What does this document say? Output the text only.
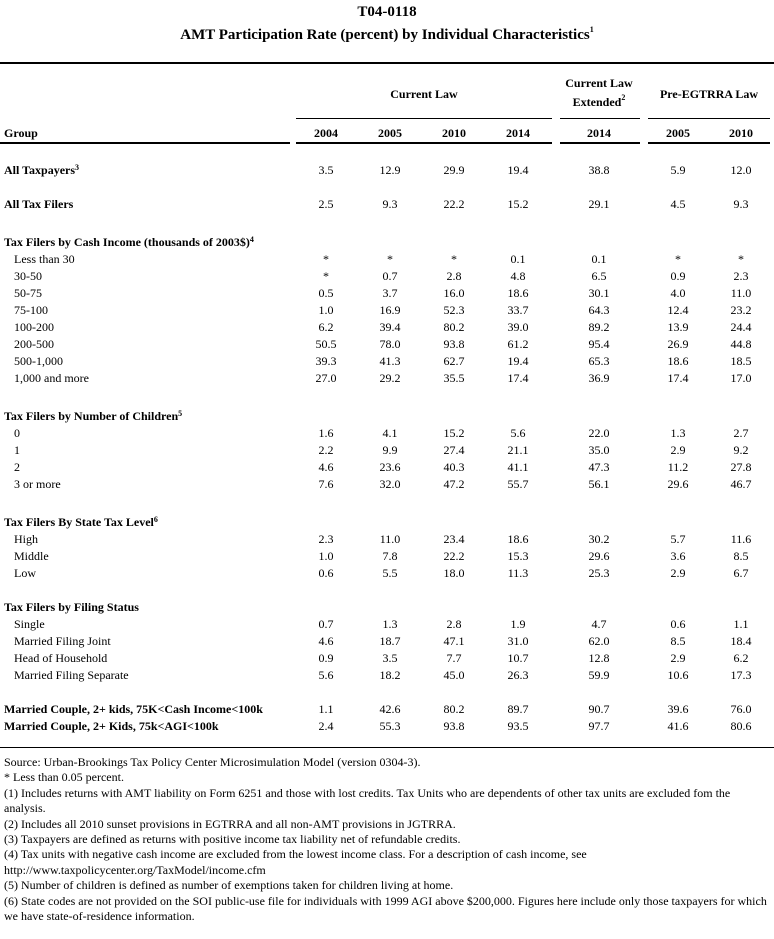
T04-0118
AMT Participation Rate (percent) by Individual Characteristics$^1$
Current Law
Current Law
Extended$^2$	Pre-EGTRRA Law
Group	2004	2005	2010	2014	2014	2005	2010
All Taxpayers$^3$	3.5	12.9	29.9	19.4	38.8	5.9	12.0
All Tax Filers	2.5	9.3	22.2	15.2	29.1	4.5	9.3
Tax Filers by Cash Income (thousands of 2003$)$^4$
Less than 30	*	*	*	0.1	0.1	*	*
30-50	*	0.7	2.8	4.8	6.5	0.9	2.3
50-75	0.5	3.7	16.0	18.6	30.1	4.0	11.0
75-100	1.0	16.9	52.3	33.7	64.3	12.4	23.2
100-200	6.2	39.4	80.2	39.0	89.2	13.9	24.4
200-500	50.5	78.0	93.8	61.2	95.4	26.9	44.8
500-1,000	39.3	41.3	62.7	19.4	65.3	18.6	18.5
1,000 and more	27.0	29.2	35.5	17.4	36.9	17.4	17.0
Tax Filers by Number of Children$^5$
0	1.6	4.1	15.2	5.6	22.0	1.3	2.7
1	2.2	9.9	27.4	21.1	35.0	2.9	9.2
2	4.6	23.6	40.3	41.1	47.3	11.2	27.8
3 or more	7.6	32.0	47.2	55.7	56.1	29.6	46.7
Tax Filers By State Tax Level$^6$
High	2.3	11.0	23.4	18.6	30.2	5.7	11.6
Middle	1.0	7.8	22.2	15.3	29.6	3.6	8.5
Low	0.6	5.5	18.0	11.3	25.3	2.9	6.7
Tax Filers by Filing Status
Single	0.7	1.3	2.8	1.9	4.7	0.6	1.1
Married Filing Joint	4.6	18.7	47.1	31.0	62.0	8.5	18.4
Head of Household	0.9	3.5	7.7	10.7	12.8	2.9	6.2
Married Filing Separate	5.6	18.2	45.0	26.3	59.9	10.6	17.3
Married Couple, 2+ kids, 75K<Cash Income<100k	1.1	42.6	80.2	89.7	90.7	39.6	76.0
Married Couple, 2+ Kids, 75k<AGI<100k	2.4	55.3	93.8	93.5	97.7	41.6	80.6
Source: Urban-Brookings Tax Policy Center Microsimulation Model (version 0304-3).
* Less than 0.05 percent.
(1) Includes returns with AMT liability on Form 6251 and those with lost credits. Tax Units who are dependents of other tax units are excluded fom the analysis.
(2) Includes all 2010 sunset provisions in EGTRRA and all non-AMT provisions in JGTRRA.
(3) Taxpayers are defined as returns with positive income tax liability net of refundable credits.
(4) Tax units with negative cash income are excluded from the lowest income class. For a description of cash income, see http://www.taxpolicycenter.org/TaxModel/income.cfm
(5) Number of children is defined as number of exemptions taken for children living at home.
(6) State codes are not provided on the SOI public-use file for individuals with 1999 AGI above $200,000. Figures here include only those taxpayers for which we have state-of-residence information.
